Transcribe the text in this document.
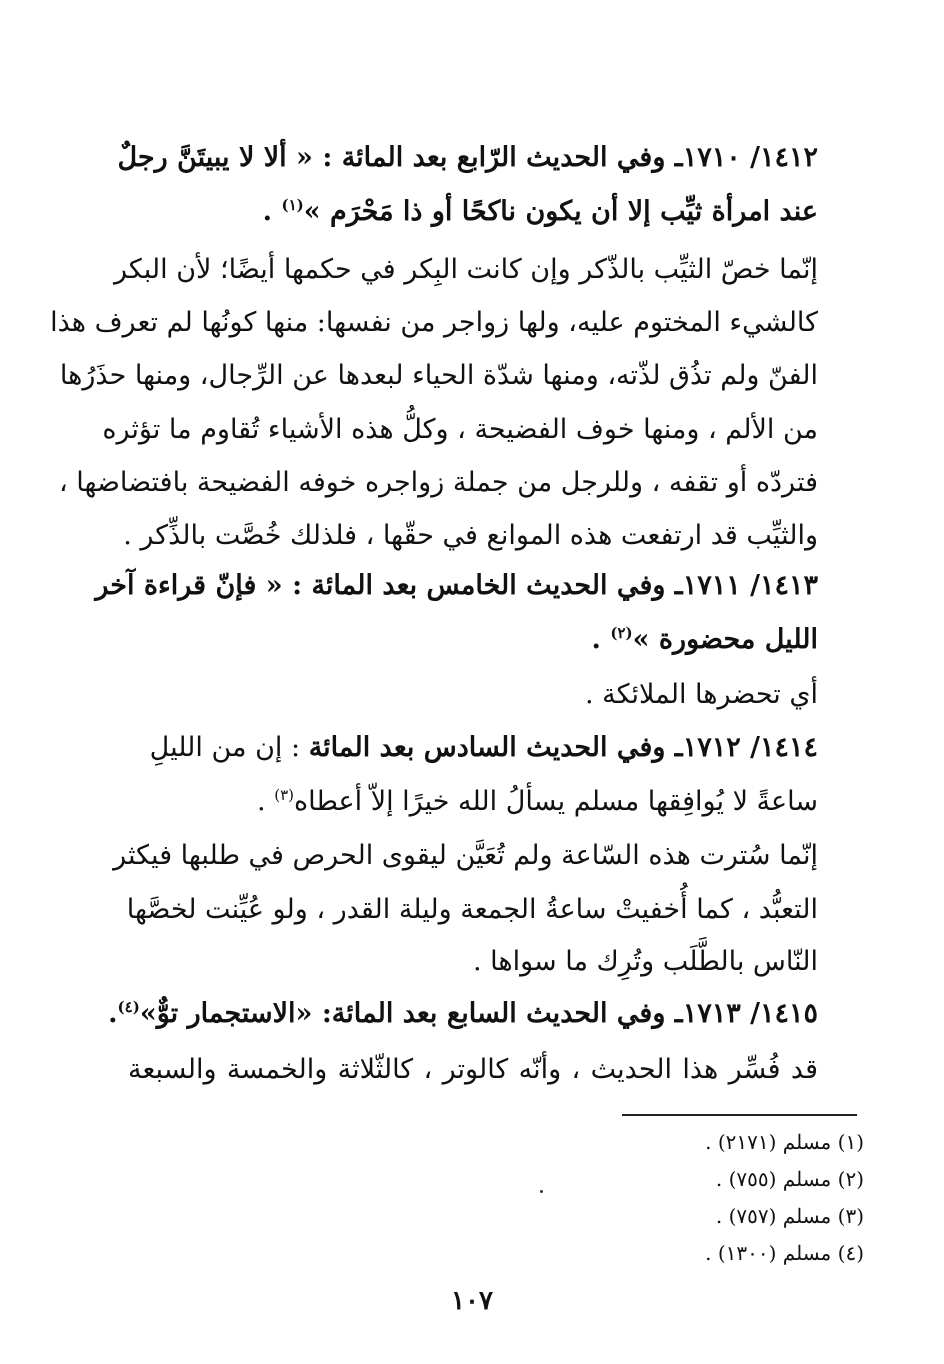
١٤١٢/ ١٧١٠ـ وفي الحديث الرّابع بعد المائة : « ألا لا يبيتَنَّ رجلٌ
عند امرأة ثيِّب إلا أن يكون ناكحًا أو ذا مَحْرَم »$^{(١)}$ .
إنّما خصّ الثيِّب بالذّكر وإن كانت البِكر في حكمها أيضًا؛ لأن البكر
كالشيء المختوم عليه، ولها زواجر من نفسها: منها كونُها لم تعرف هذا
الفنّ ولم تذُق لذّته، ومنها شدّة الحياء لبعدها عن الرِّجال، ومنها حذَرُها
من الألم ، ومنها خوف الفضيحة ، وكلُّ هذه الأشياء تُقاوم ما تؤثره
فتردّه أو تقفه ، وللرجل من جملة زواجره خوفه الفضيحة بافتضاضها ،
والثيِّب قد ارتفعت هذه الموانع في حقّها ، فلذلك خُصَّت بالذِّكر .
١٤١٣/ ١٧١١ـ وفي الحديث الخامس بعد المائة : « فإنّ قراءة آخر
الليل محضورة »$^{(٢)}$ .
أي تحضرها الملائكة .
١٤١٤/ ١٧١٢ـ وفي الحديث السادس بعد المائة : إن من الليلِ
ساعةً لا يُوافِقها مسلم يسألُ الله خيرًا إلاّ أعطاه$^{(٣)}$ .
إنّما سُترت هذه السّاعة ولم تُعَيَّن ليقوى الحرص في طلبها فيكثر
التعبُّد ، كما أُخفيتْ ساعةُ الجمعة وليلة القدر ، ولو عُيِّنت لخصَّها
النّاس بالطَّلَب وتُرِك ما سواها .
١٤١٥/ ١٧١٣ـ وفي الحديث السابع بعد المائة: «الاستجمار توٌّ»$^{(٤)}$.
قد فُسِّر هذا الحديث ، وأنّه كالوتر ، كالثّلاثة والخمسة والسبعة
(١) مسلم (٢١٧١) .
(٢) مسلم (٧٥٥) .
(٣) مسلم (٧٥٧) .
(٤) مسلم (١٣٠٠) .
١٠٧
